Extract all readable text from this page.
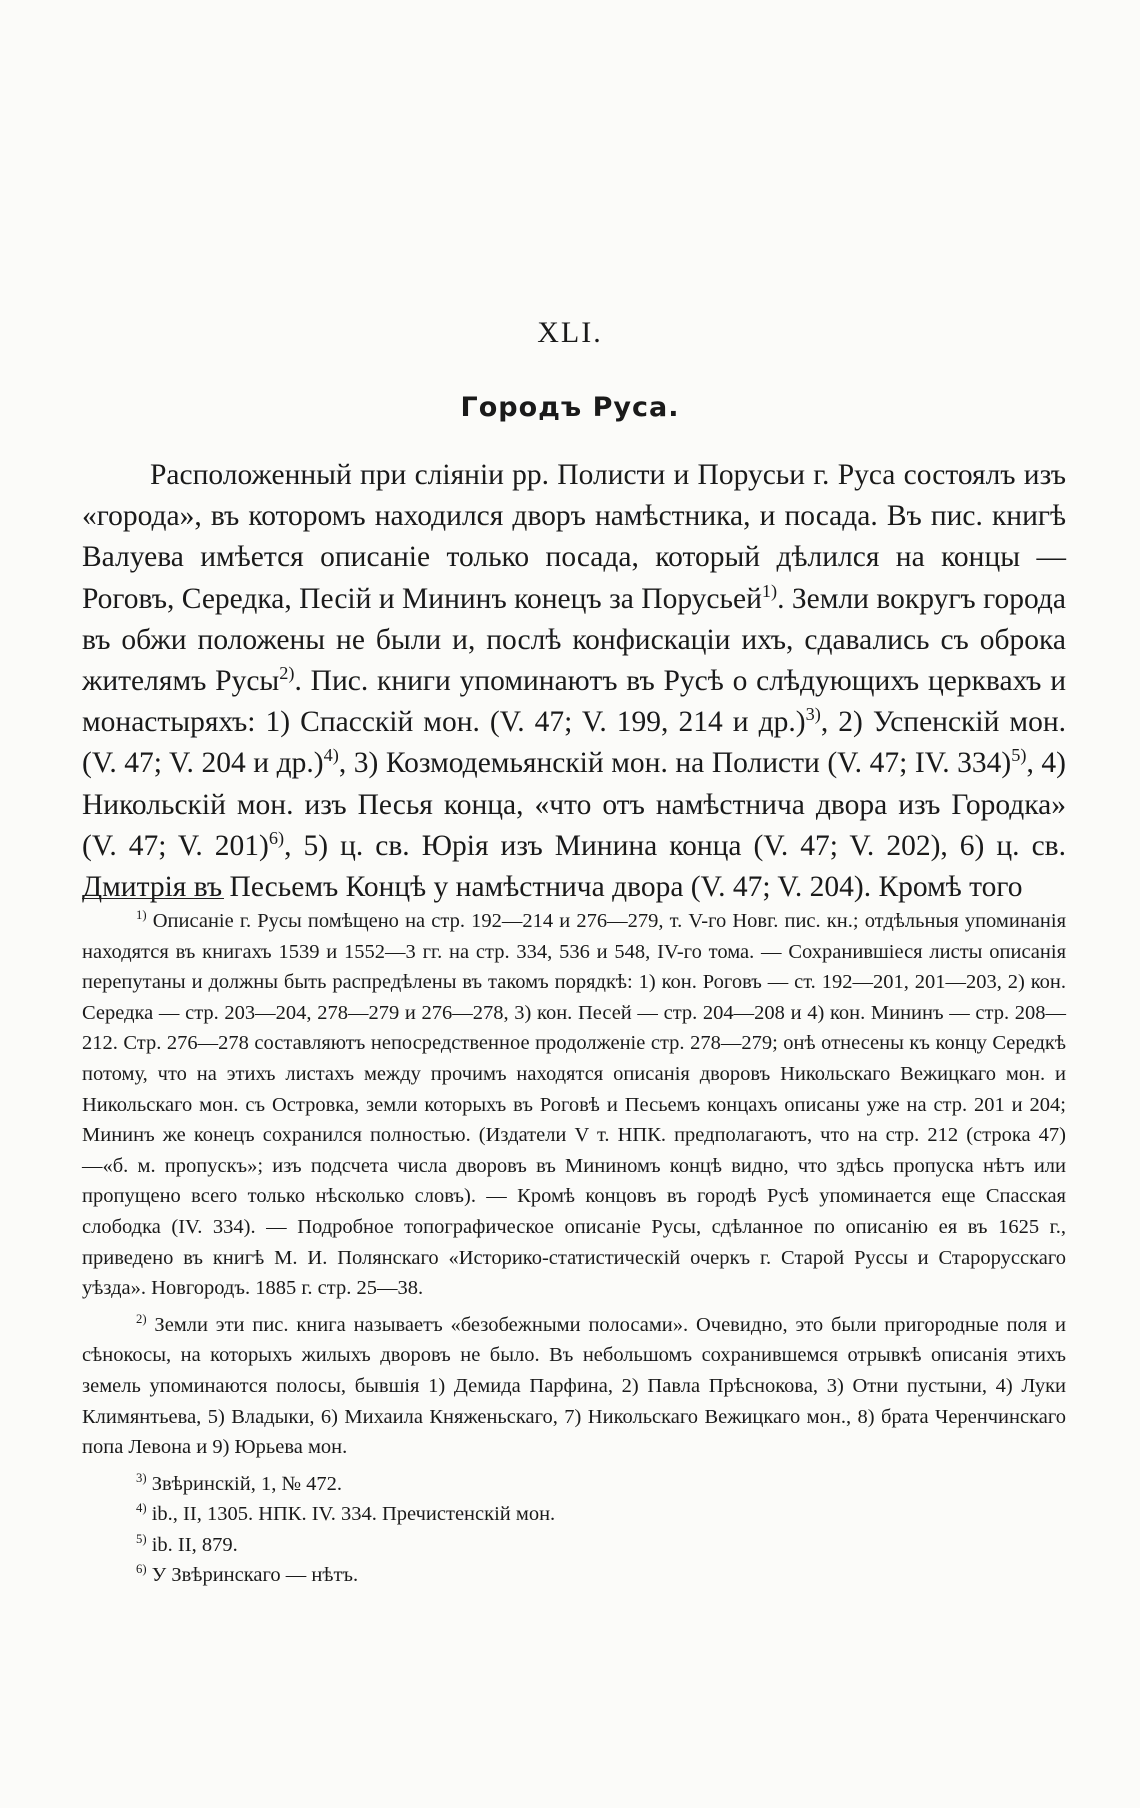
XLI.
Городъ Руса.

Расположенный при сліяніи рр. Полисти и Порусьи г. Руса состоялъ изъ «города», въ которомъ находился дворъ намѣстника, и посада. Въ пис. книгѣ Валуева имѣется описаніе только посада, который дѣлился на концы — Роговъ, Середка, Песій и Мининъ конецъ за Порусьей$^{1)}$. Земли вокругъ города въ обжи положены не были и, послѣ конфискаціи ихъ, сдавались съ оброка жителямъ Русы$^{2)}$. Пис. книги упоминаютъ въ Русѣ о слѣдующихъ церквахъ и монастыряхъ: 1) Спасскій мон. (V. 47; V. 199, 214 и др.)$^{3)}$, 2) Успенскій мон. (V. 47; V. 204 и др.)$^{4)}$, 3) Козмодемьянскій мон. на Полисти (V. 47; IV. 334)$^{5)}$, 4) Никольскій мон. изъ Песья конца, «что отъ намѣстнича двора изъ Городка» (V. 47; V. 201)$^{6)}$, 5) ц. св. Юрія изъ Минина конца (V. 47; V. 202), 6) ц. св. Дмитрія въ Песьемъ Концѣ у намѣстнича двора (V. 47; V. 204). Кромѣ того

$^{1)}$ Описаніе г. Русы помѣщено на стр. 192—214 и 276—279, т. V-го Новг. пис. кн.; отдѣльныя упоминанія находятся въ книгахъ 1539 и 1552—3 гг. на стр. 334, 536 и 548, IV-го тома. — Сохранившіеся листы описанія перепутаны и должны быть распредѣлены въ такомъ порядкѣ: 1) кон. Роговъ — ст. 192—201, 201—203, 2) кон. Середка — стр. 203—204, 278—279 и 276—278, 3) кон. Песей — стр. 204—208 и 4) кон. Мининъ — стр. 208—212. Стр. 276—278 составляютъ непосредственное продолженіе стр. 278—279; онѣ отнесены къ концу Середкѣ потому, что на этихъ листахъ между прочимъ находятся описанія дворовъ Никольскаго Вежицкаго мон. и Никольскаго мон. съ Островка, земли которыхъ въ Роговѣ и Песьемъ концахъ описаны уже на стр. 201 и 204; Мининъ же конецъ сохранился полностью. (Издатели V т. НПК. предполагаютъ, что на стр. 212 (строка 47)—«б. м. пропускъ»; изъ подсчета числа дворовъ въ Мининомъ концѣ видно, что здѣсь пропуска нѣтъ или пропущено всего только нѣсколько словъ). — Кромѣ концовъ въ городѣ Русѣ упоминается еще Спасская слободка (IV. 334). — Подробное топографическое описаніе Русы, сдѣланное по описанію ея въ 1625 г., приведено въ книгѣ М. И. Полянскаго «Историко-статистическій очеркъ г. Старой Руссы и Старорусскаго уѣзда». Новгородъ. 1885 г. стр. 25—38.

$^{2)}$ Земли эти пис. книга называетъ «безобежными полосами». Очевидно, это были пригородные поля и сѣнокосы, на которыхъ жилыхъ дворовъ не было. Въ небольшомъ сохранившемся отрывкѣ описанія этихъ земель упоминаются полосы, бывшія 1) Демида Парфина, 2) Павла Прѣснокова, 3) Отни пустыни, 4) Луки Климянтьева, 5) Владыки, 6) Михаила Княженьскаго, 7) Никольскаго Вежицкаго мон., 8) брата Черенчинскаго попа Левона и 9) Юрьева мон.

$^{3)}$ Звѣринскій, 1, № 472.

$^{4)}$ ib., II, 1305. НПК. IV. 334. Пречистенскій мон.

$^{5)}$ ib. II, 879.

$^{6)}$ У Звѣринскаго — нѣтъ.
